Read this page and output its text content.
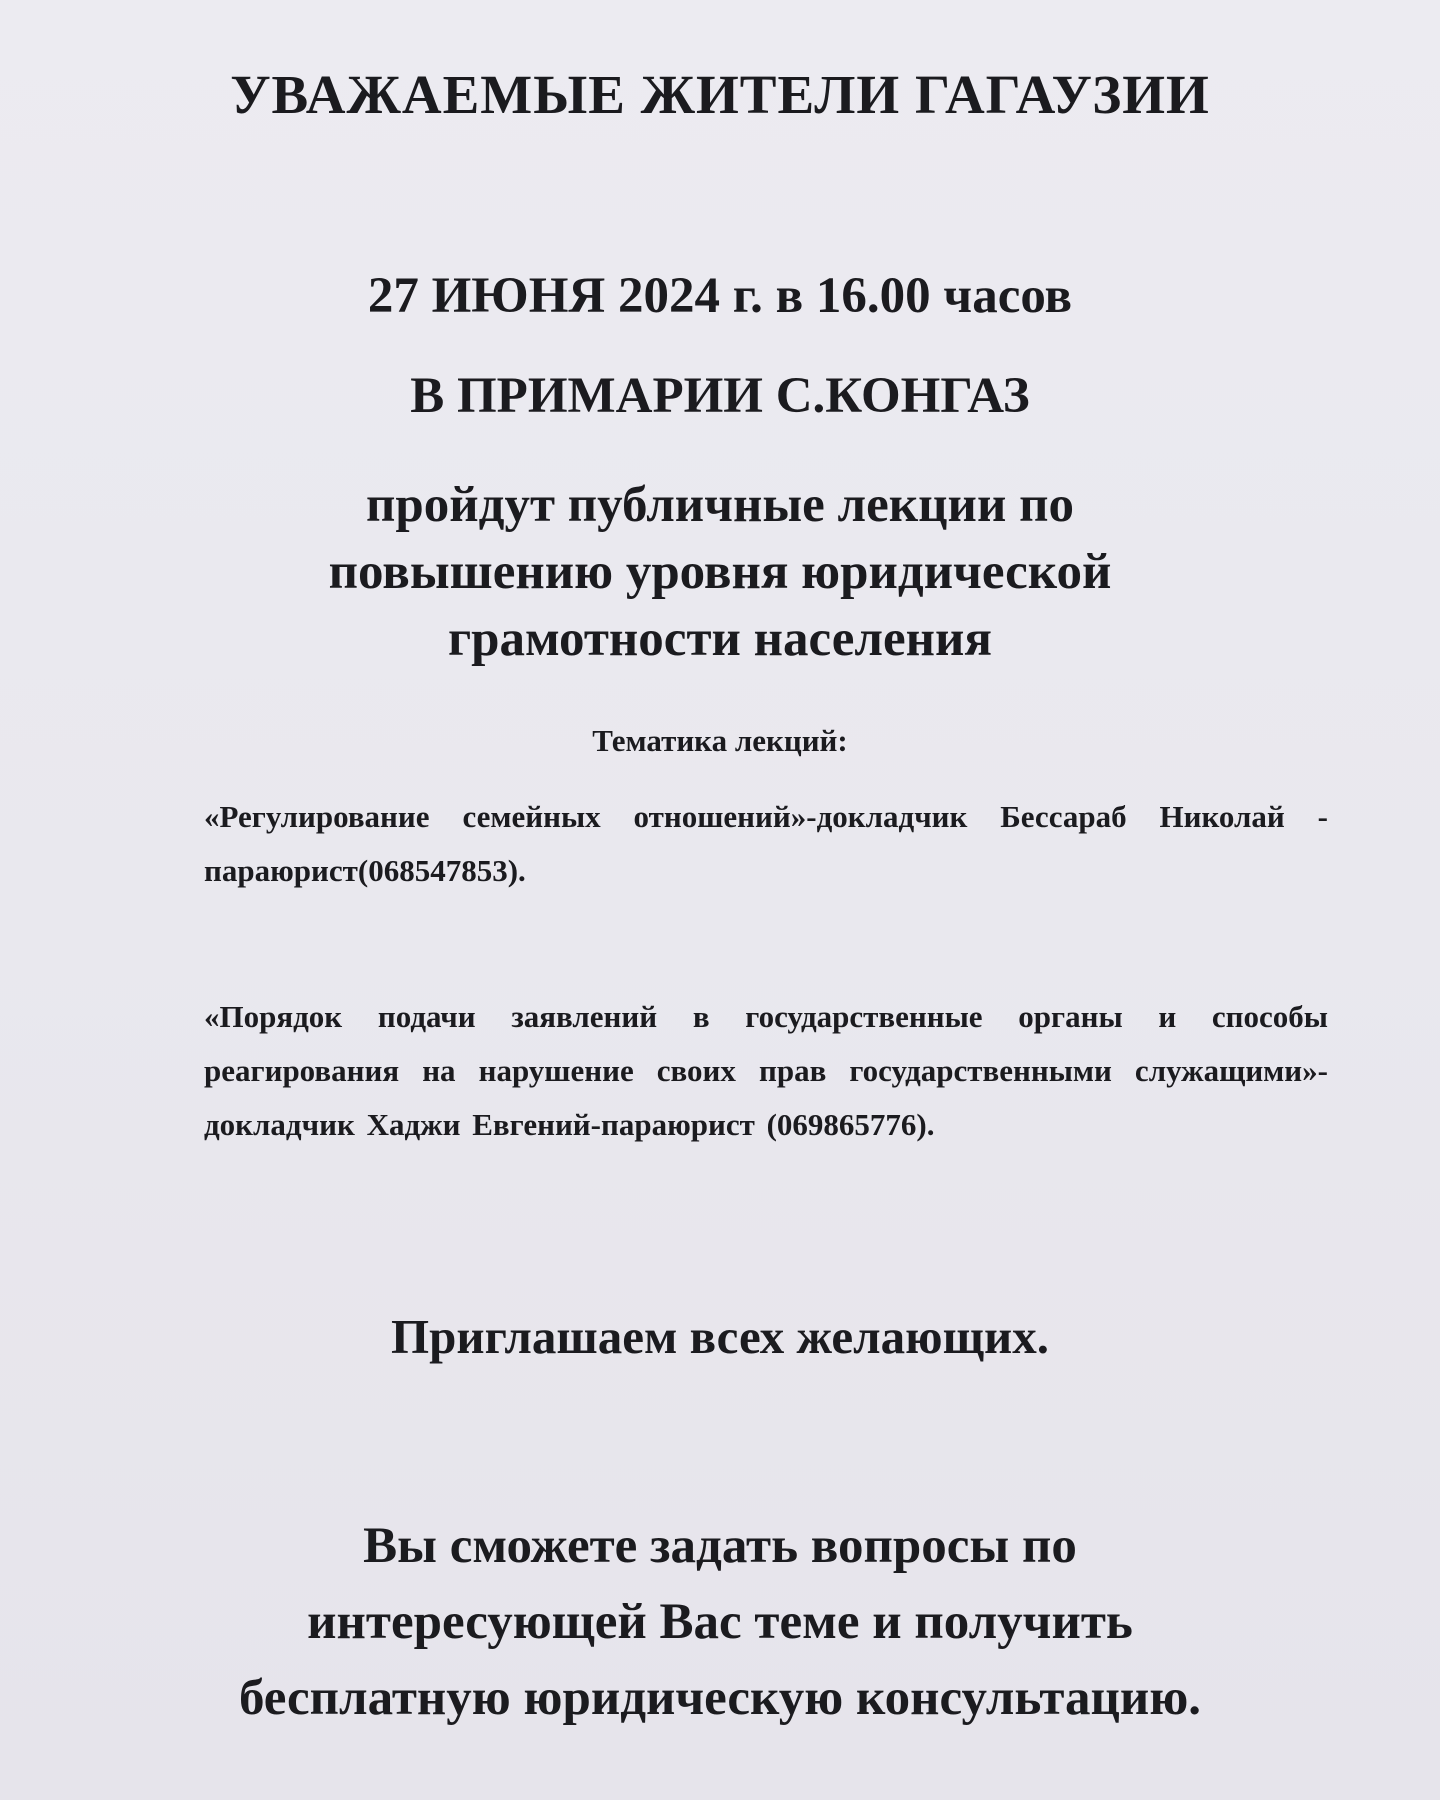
УВАЖАЕМЫЕ ЖИТЕЛИ ГАГАУЗИИ
27 ИЮНЯ 2024 г. в 16.00 часов
В ПРИМАРИИ С.КОНГАЗ
пройдут публичные лекции по
повышению уровня юридической
грамотности населения
Тематика лекций:

«Регулирование семейных отношений»-докладчик Бессараб Николай - параюрист(068547853).

«Порядок подачи заявлений в государственные органы и способы реагирования на нарушение своих прав государственными служащими»-докладчик Хаджи Евгений-параюрист (069865776).

Приглашаем всех желающих.
Вы сможете задать вопросы по
интересующей Вас теме и получить
бесплатную юридическую консультацию.
